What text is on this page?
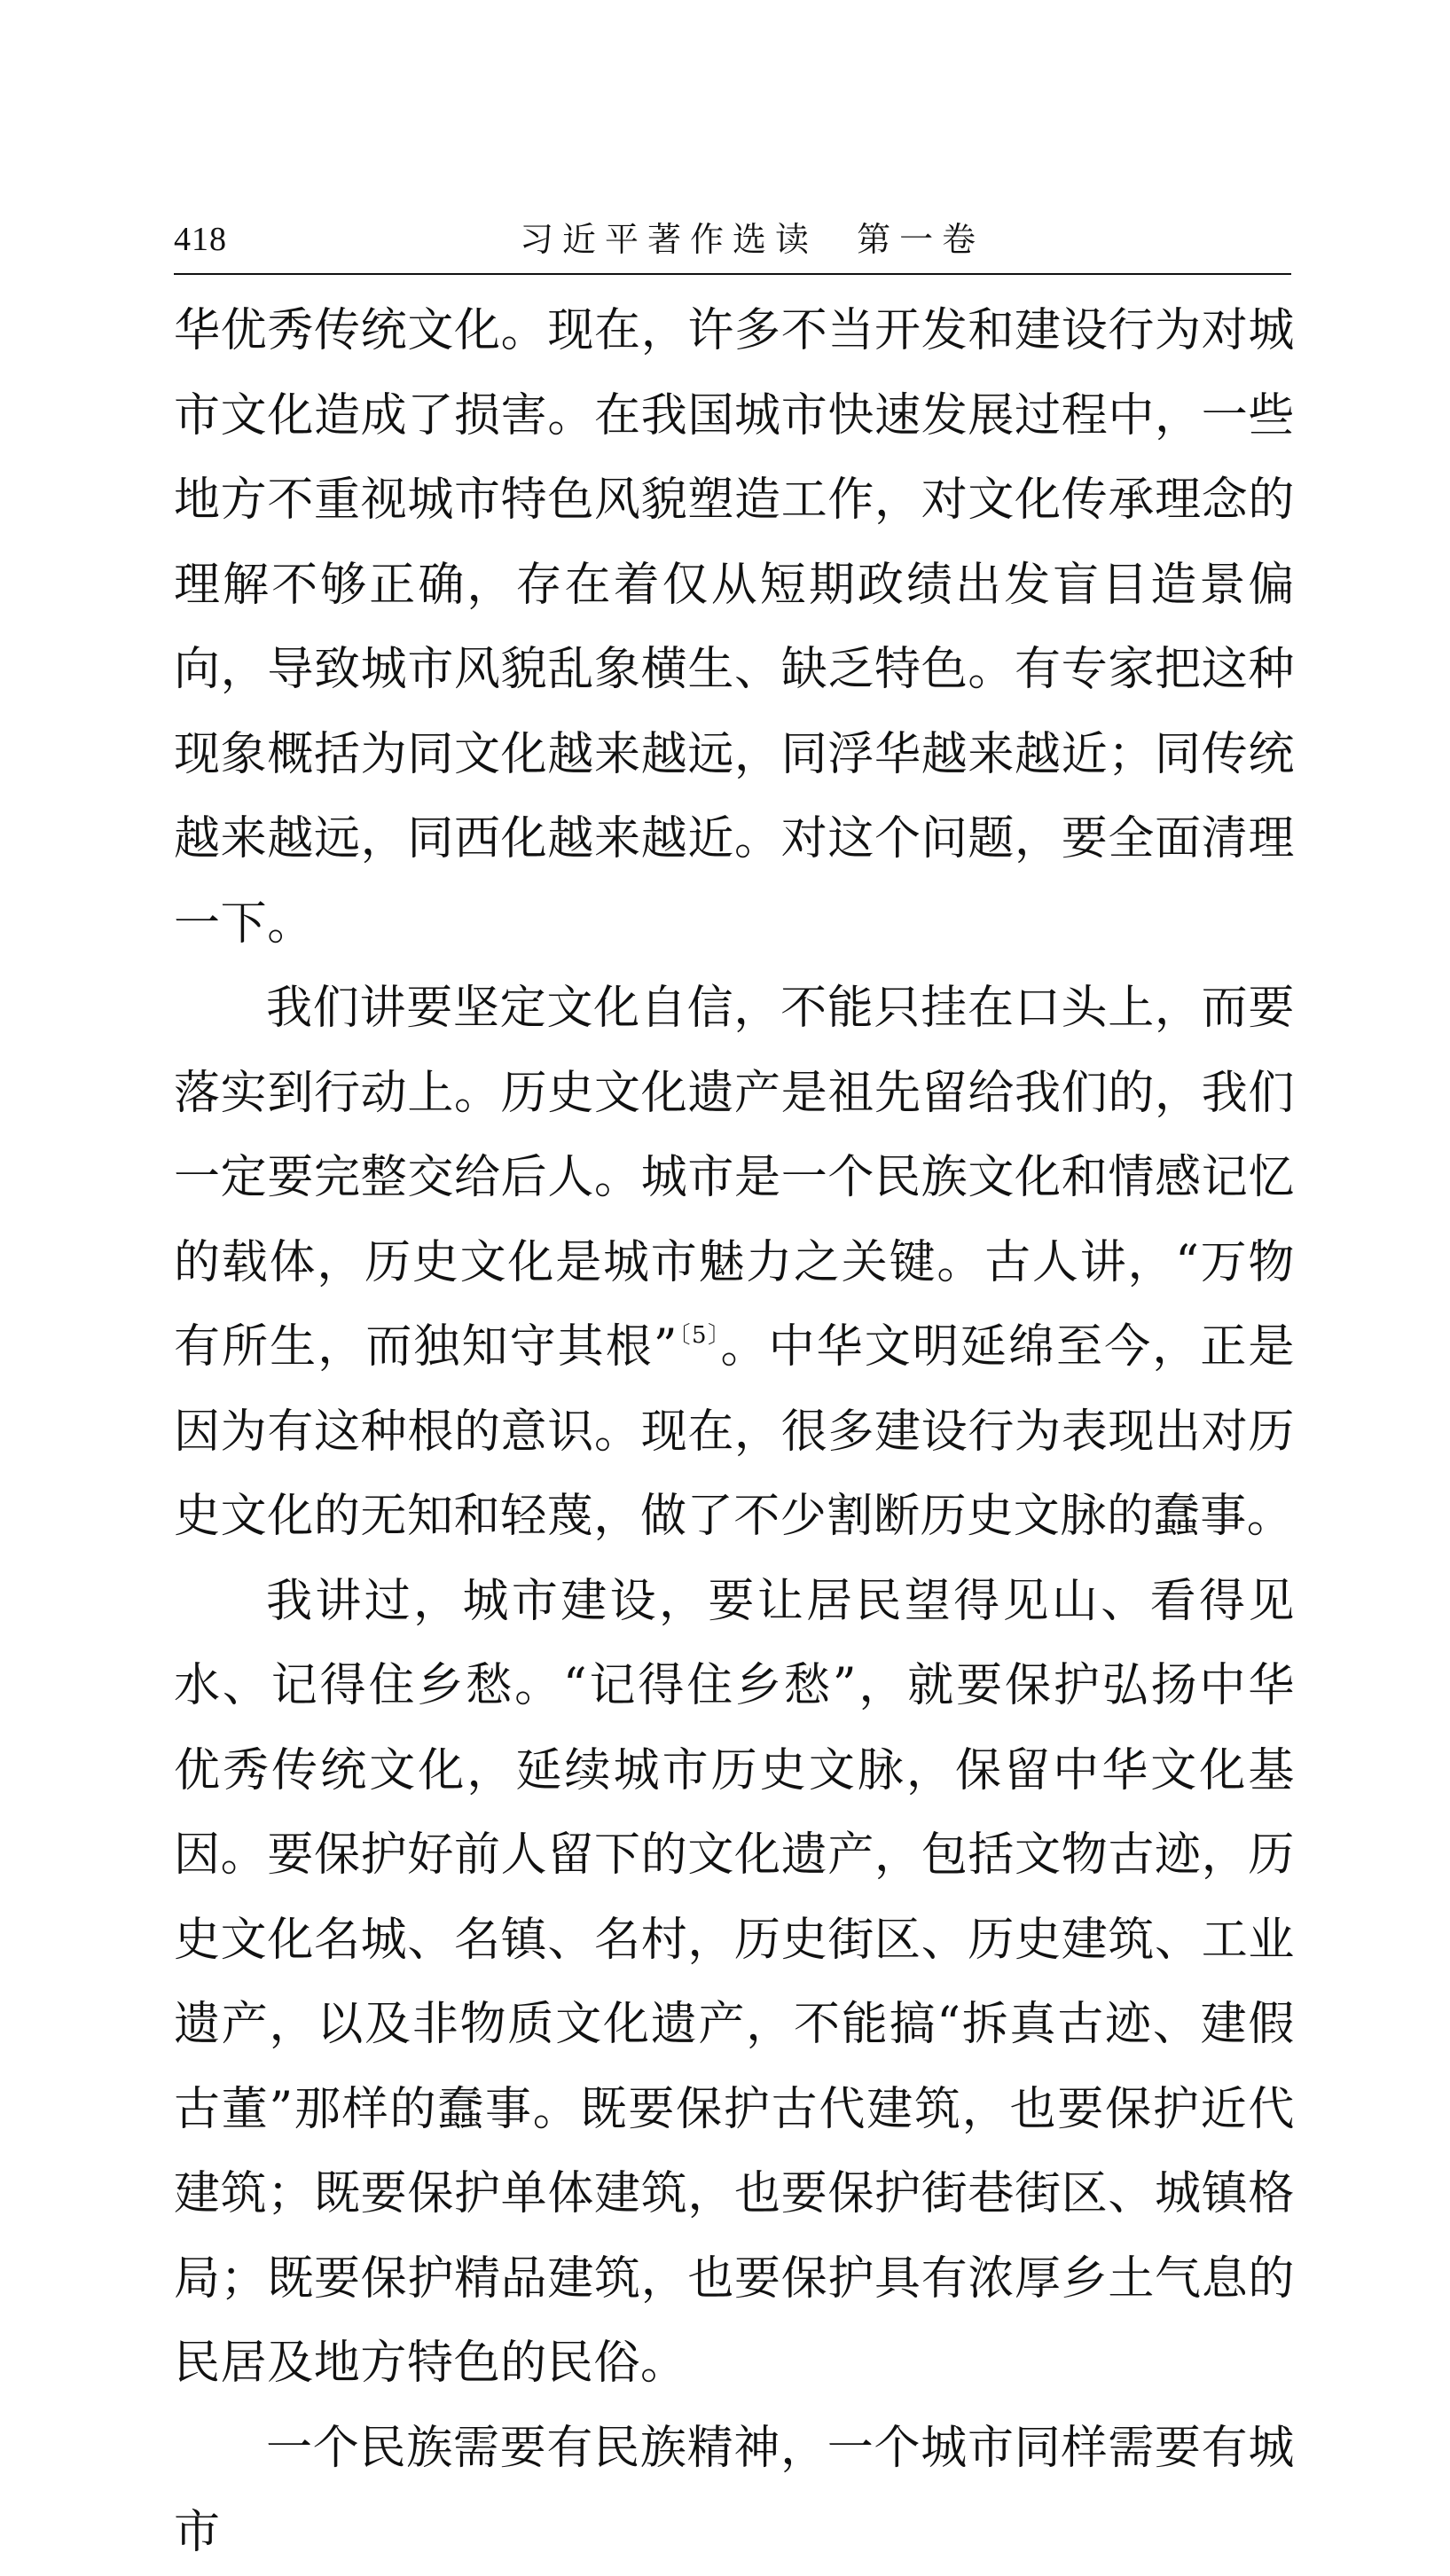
418	习近平著作选读  第一卷

华优秀传统文化。现在，许多不当开发和建设行为对城市文化造成了损害。在我国城市快速发展过程中，一些地方不重视城市特色风貌塑造工作，对文化传承理念的理解不够正确，存在着仅从短期政绩出发盲目造景偏向，导致城市风貌乱象横生、缺乏特色。有专家把这种现象概括为同文化越来越远，同浮华越来越近；同传统越来越远，同西化越来越近。对这个问题，要全面清理一下。

我们讲要坚定文化自信，不能只挂在口头上，而要落实到行动上。历史文化遗产是祖先留给我们的，我们一定要完整交给后人。城市是一个民族文化和情感记忆的载体，历史文化是城市魅力之关键。古人讲，“万物有所生，而独知守其根”$^{〔5〕}$。中华文明延绵至今，正是因为有这种根的意识。现在，很多建设行为表现出对历史文化的无知和轻蔑，做了不少割断历史文脉的蠢事。

我讲过，城市建设，要让居民望得见山、看得见水、记得住乡愁。“记得住乡愁”，就要保护弘扬中华优秀传统文化，延续城市历史文脉，保留中华文化基因。要保护好前人留下的文化遗产，包括文物古迹，历史文化名城、名镇、名村，历史街区、历史建筑、工业遗产，以及非物质文化遗产，不能搞“拆真古迹、建假古董”那样的蠢事。既要保护古代建筑，也要保护近代建筑；既要保护单体建筑，也要保护街巷街区、城镇格局；既要保护精品建筑，也要保护具有浓厚乡土气息的民居及地方特色的民俗。

一个民族需要有民族精神，一个城市同样需要有城市
